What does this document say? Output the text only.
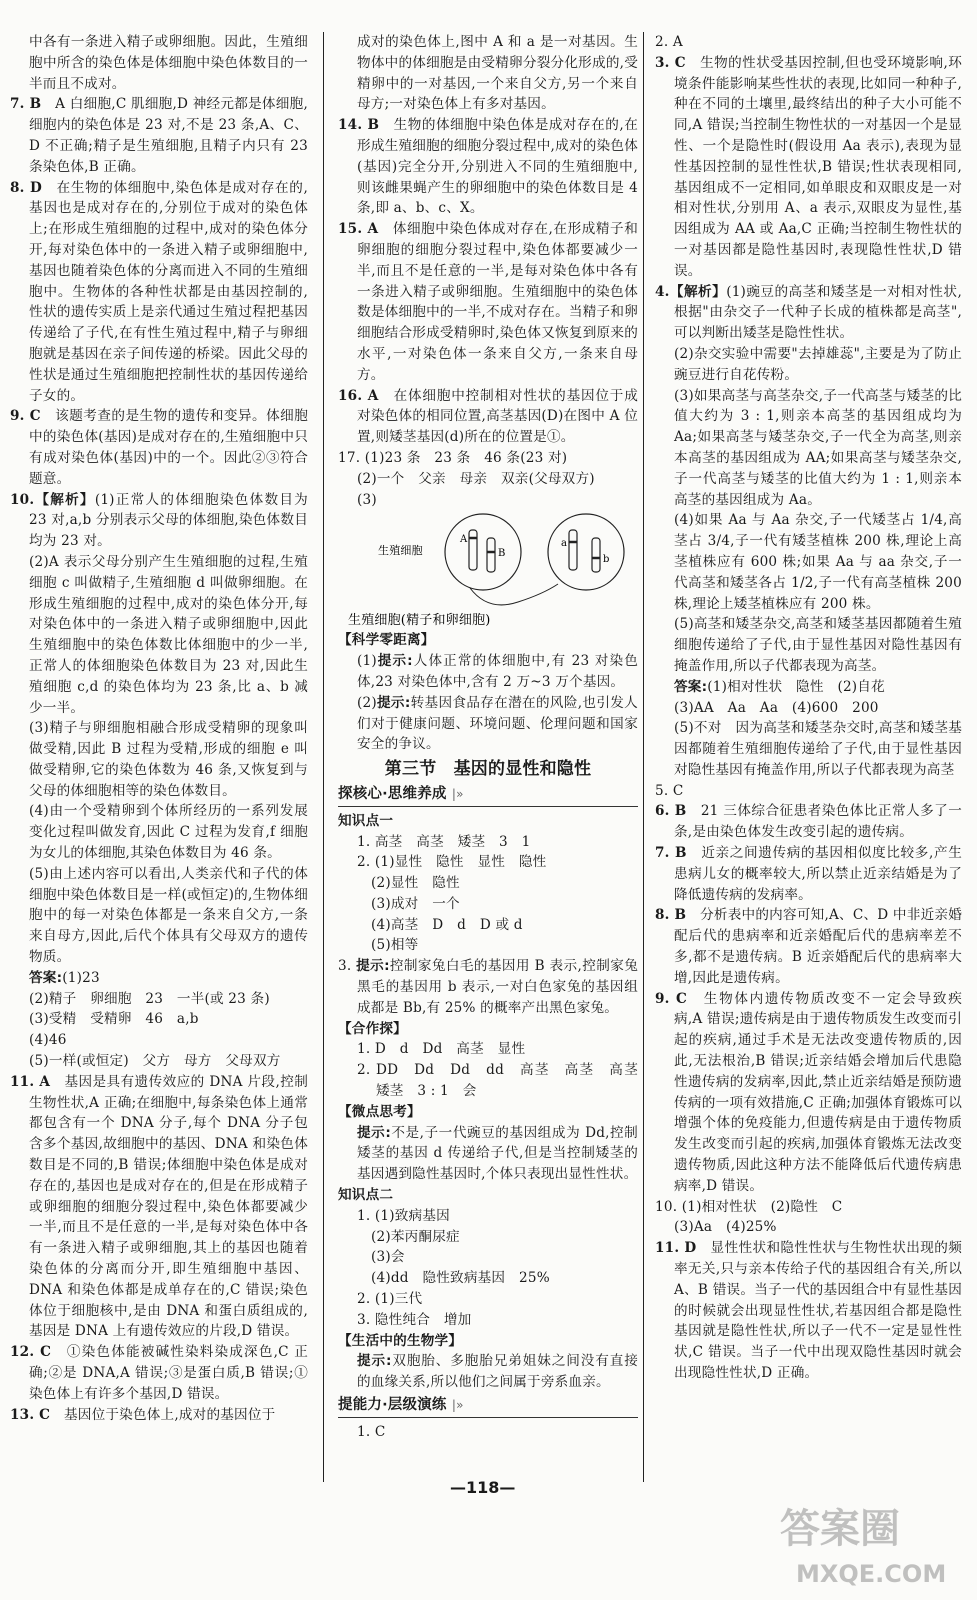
中各有一条进入精子或卵细胞。因此，生殖细胞中所含的染色体是体细胞中染色体数目的一半而且不成对。

7. B　 A 白细胞,C 肌细胞,D 神经元都是体细胞,细胞内的染色体是 23 对,不是 23 条,A、C、D 不正确;精子是生殖细胞,且精子内只有 23 条染色体,B 正确。

8. D　 在生物的体细胞中,染色体是成对存在的,基因也是成对存在的,分别位于成对的染色体上;在形成生殖细胞的过程中,成对的染色体分开,每对染色体中的一条进入精子或卵细胞中,基因也随着染色体的分离而进入不同的生殖细胞中。生物体的各种性状都是由基因控制的,性状的遗传实质上是亲代通过生殖过程把基因传递给了子代,在有性生殖过程中,精子与卵细胞就是基因在亲子间传递的桥梁。因此父母的性状是通过生殖细胞把控制性状的基因传递给子女的。

9. C　 该题考查的是生物的遗传和变异。体细胞中的染色体(基因)是成对存在的,生殖细胞中只有成对染色体(基因)中的一个。因此②③符合题意。

10.【解析】(1)正常人的体细胞染色体数目为 23 对,a,b 分别表示父母的体细胞,染色体数目均为 23 对。

(2)A 表示父母分别产生生殖细胞的过程,生殖细胞 c 叫做精子,生殖细胞 d 叫做卵细胞。在形成生殖细胞的过程中,成对的染色体分开,每对染色体中的一条进入精子或卵细胞中,因此生殖细胞中的染色体数比体细胞中的少一半,正常人的体细胞染色体数目为 23 对,因此生殖细胞 c,d 的染色体均为 23 条,比 a、b 减少一半。

(3)精子与卵细胞相融合形成受精卵的现象叫做受精,因此 B 过程为受精,形成的细胞 e 叫做受精卵,它的染色体数为 46 条,又恢复到与父母的体细胞相等的染色体数目。

(4)由一个受精卵到个体所经历的一系列发展变化过程叫做发育,因此 C 过程为发育,f 细胞为女儿的体细胞,其染色体数目为 46 条。

(5)由上述内容可以看出,人类亲代和子代的体细胞中染色体数目是一样(或恒定)的,生物体细胞中的每一对染色体都是一条来自父方,一条来自母方,因此,后代个体具有父母双方的遗传物质。

答案:(1)23

(2)精子　卵细胞　23　一半(或 23 条)

(3)受精　受精卵　46　a,b

(4)46

(5)一样(或恒定)　父方　母方　父母双方

11. A　 基因是具有遗传效应的 DNA 片段,控制生物性状,A 正确;在细胞中,每条染色体上通常都包含有一个 DNA 分子,每个 DNA 分子包含多个基因,故细胞中的基因、DNA 和染色体数目是不同的,B 错误;体细胞中染色体是成对存在的,基因也是成对存在的,但是在形成精子或卵细胞的细胞分裂过程中,染色体都要减少一半,而且不是任意的一半,是每对染色体中各有一条进入精子或卵细胞,其上的基因也随着染色体的分离而分开,即生殖细胞中基因、DNA 和染色体都是成单存在的,C 错误;染色体位于细胞核中,是由 DNA 和蛋白质组成的,基因是 DNA 上有遗传效应的片段,D 错误。

12. C　 ①染色体能被碱性染料染成深色,C 正确;②是 DNA,A 错误;③是蛋白质,B 错误;①染色体上有许多个基因,D 错误。

13. C　 基因位于染色体上,成对的基因位于

成对的染色体上,图中 A 和 a 是一对基因。生物体中的体细胞是由受精卵分裂分化形成的,受精卵中的一对基因,一个来自父方,另一个来自母方;一对染色体上有多对基因。

14. B　 生物的体细胞中染色体是成对存在的,在形成生殖细胞的细胞分裂过程中,成对的染色体(基因)完全分开,分别进入不同的生殖细胞中,则该雌果蝇产生的卵细胞中的染色体数目是 4 条,即 a、b、c、X。

15. A　 体细胞中染色体成对存在,在形成精子和卵细胞的细胞分裂过程中,染色体都要减少一半,而且不是任意的一半,是每对染色体中各有一条进入精子或卵细胞。生殖细胞中的染色体数是体细胞中的一半,不成对存在。当精子和卵细胞结合形成受精卵时,染色体又恢复到原来的水平,一对染色体一条来自父方,一条来自母方。

16. A　 在体细胞中控制相对性状的基因位于成对染色体的相同位置,高茎基因(D)在图中 A 位置,则矮茎基因(d)所在的位置是①。

17. (1)23 条　23 条　46 条(23 对)

(2)一个　父亲　母亲　双亲(父母双方)

(3)

生殖细胞
A
B
a
b
生殖细胞(精子和卵细胞)

【科学零距离】

(1)提示:人体正常的体细胞中,有 23 对染色体,23 对染色体中,含有 2 万~3 万个基因。

(2)提示:转基因食品存在潜在的风险,也引发人们对于健康问题、环境问题、伦理问题和国家安全的争议。

第三节　基因的显性和隐性
探核心·思维养成 |»

知识点一

1. 高茎　高茎　矮茎　3　1

2. (1)显性　隐性　显性　隐性

(2)显性　隐性

(3)成对　一个

(4)高茎　D　d　D 或 d

(5)相等

3. 提示:控制家兔白毛的基因用 B 表示,控制家兔黑毛的基因用 b 表示,一对白色家兔的基因组成都是 Bb,有 25% 的概率产出黑色家兔。

【合作探】

1. D　d　Dd　高茎　显性

2. DD　Dd　Dd　dd　高茎　高茎　高茎　矮茎　3 : 1　会

【微点思考】

提示:不是,子一代豌豆的基因组成为 Dd,控制矮茎的基因 d 传递给子代,但是当控制矮茎的基因遇到隐性基因时,个体只表现出显性性状。

知识点二

1. (1)致病基因

(2)苯丙酮尿症

(3)会

(4)dd　隐性致病基因　25%

2. (1)三代

3. 隐性纯合　增加

【生活中的生物学】

提示:双胞胎、多胞胎兄弟姐妹之间没有直接的血缘关系,所以他们之间属于旁系血亲。

提能力·层级演练 |»

1. C

2. A

3. C　 生物的性状受基因控制,但也受环境影响,环境条件能影响某些性状的表现,比如同一种种子,种在不同的土壤里,最终结出的种子大小可能不同,A 错误;当控制生物性状的一对基因一个是显性、一个是隐性时(假设用 Aa 表示),表现为显性基因控制的显性性状,B 错误;性状表现相同,基因组成不一定相同,如单眼皮和双眼皮是一对相对性状,分别用 A、a 表示,双眼皮为显性,基因组成为 AA 或 Aa,C 正确;当控制生物性状的一对基因都是隐性基因时,表现隐性性状,D 错误。

4.【解析】(1)豌豆的高茎和矮茎是一对相对性状,根据"由杂交子一代种子长成的植株都是高茎",可以判断出矮茎是隐性性状。

(2)杂交实验中需要"去掉雄蕊",主要是为了防止豌豆进行自花传粉。

(3)如果高茎与高茎杂交,子一代高茎与矮茎的比值大约为 3 : 1,则亲本高茎的基因组成均为 Aa;如果高茎与矮茎杂交,子一代全为高茎,则亲本高茎的基因组成为 AA;如果高茎与矮茎杂交,子一代高茎与矮茎的比值大约为 1 : 1,则亲本高茎的基因组成为 Aa。

(4)如果 Aa 与 Aa 杂交,子一代矮茎占 1/4,高茎占 3/4,子一代有矮茎植株 200 株,理论上高茎植株应有 600 株;如果 Aa 与 aa 杂交,子一代高茎和矮茎各占 1/2,子一代有高茎植株 200 株,理论上矮茎植株应有 200 株。

(5)高茎和矮茎杂交,高茎和矮茎基因都随着生殖细胞传递给了子代,由于显性基因对隐性基因有掩盖作用,所以子代都表现为高茎。

答案:(1)相对性状　隐性　(2)自花

(3)AA　Aa　Aa　(4)600　200

(5)不对　因为高茎和矮茎杂交时,高茎和矮茎基因都随着生殖细胞传递给了子代,由于显性基因对隐性基因有掩盖作用,所以子代都表现为高茎

5. C

6. B　 21 三体综合征患者染色体比正常人多了一条,是由染色体发生改变引起的遗传病。

7. B　 近亲之间遗传病的基因相似度比较多,产生患病儿女的概率较大,所以禁止近亲结婚是为了降低遗传病的发病率。

8. B　 分析表中的内容可知,A、C、D 中非近亲婚配后代的患病率和近亲婚配后代的患病率差不多,都不是遗传病。B 近亲婚配后代的患病率大增,因此是遗传病。

9. C　 生物体内遗传物质改变不一定会导致疾病,A 错误;遗传病是由于遗传物质发生改变而引起的疾病,通过手术是无法改变遗传物质的,因此,无法根治,B 错误;近亲结婚会增加后代患隐性遗传病的发病率,因此,禁止近亲结婚是预防遗传病的一项有效措施,C 正确;加强体育锻炼可以增强个体的免疫能力,但遗传病是由于遗传物质发生改变而引起的疾病,加强体育锻炼无法改变遗传物质,因此这种方法不能降低后代遗传病患病率,D 错误。

10. (1)相对性状　(2)隐性　C

(3)Aa　(4)25%

11. D　 显性性状和隐性性状与生物性状出现的频率无关,只与亲本传给子代的基因组合有关,所以 A、B 错误。当子一代的基因组合中有显性基因的时候就会出现显性性状,若基因组合都是隐性基因就是隐性性状,所以子一代不一定是显性性状,C 错误。当子一代中出现双隐性基因时就会出现隐性性状,D 正确。

—118—
答案圈
MXQE.COM
